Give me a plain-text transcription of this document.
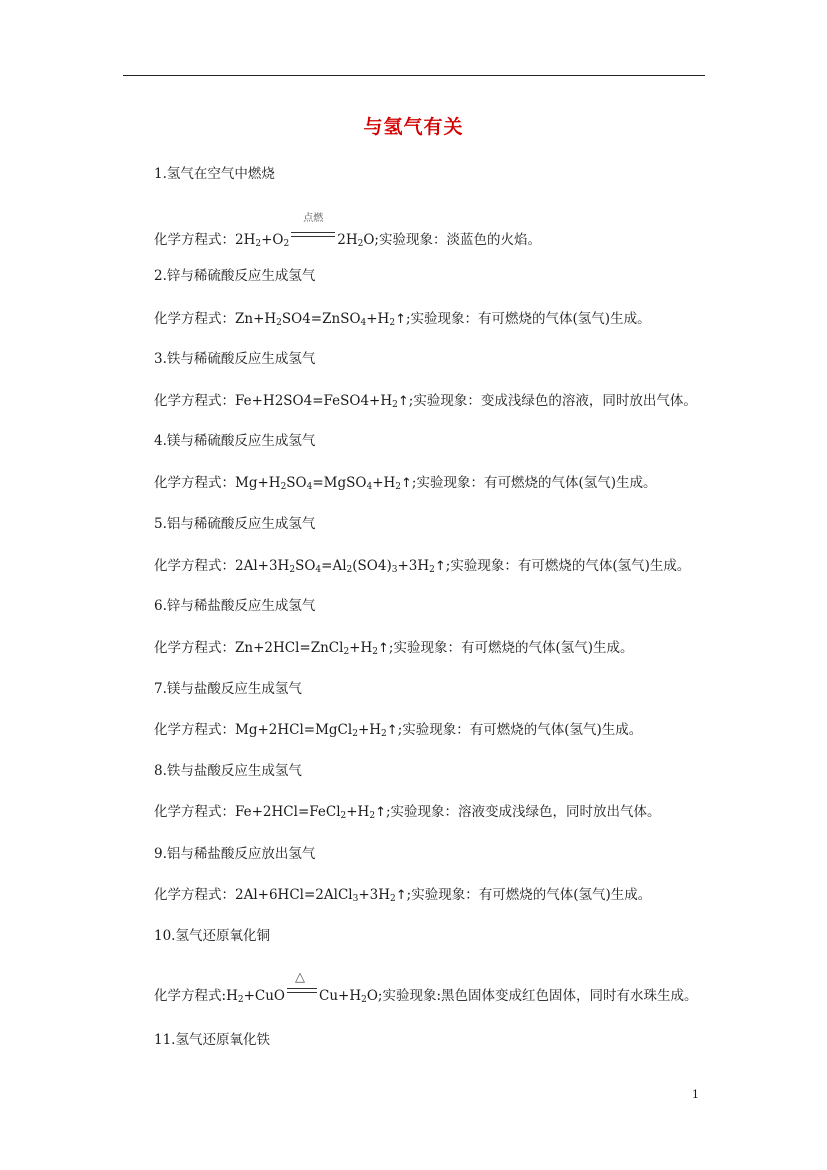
与氢气有关
1.氢气在空气中燃烧
化学方程式：$2H_2+O_2$
点燃
$2H_2O$;实验现象：淡蓝色的火焰。
2.锌与稀硫酸反应生成氢气
化学方程式：$Zn+H_2SO4=ZnSO_4+H_2↑$;实验现象：有可燃烧的气体(氢气)生成。
3.铁与稀硫酸反应生成氢气
化学方程式：$Fe+H2SO4=FeSO4+H_2↑$;实验现象：变成浅绿色的溶液，同时放出气体。
4.镁与稀硫酸反应生成氢气
化学方程式：$Mg+H_2SO_4=MgSO_4+H_2↑$;实验现象：有可燃烧的气体(氢气)生成。
5.铝与稀硫酸反应生成氢气
化学方程式：$2Al+3H_2SO_4=Al_2(SO4)_3+3H_2↑$;实验现象：有可燃烧的气体(氢气)生成。
6.锌与稀盐酸反应生成氢气
化学方程式：$Zn+2HCl=ZnCl_2+H_2↑$;实验现象：有可燃烧的气体(氢气)生成。
7.镁与盐酸反应生成氢气
化学方程式：$Mg+2HCl=MgCl_2+H_2↑$;实验现象：有可燃烧的气体(氢气)生成。
8.铁与盐酸反应生成氢气
化学方程式：$Fe+2HCl=FeCl_2+H_2↑$;实验现象：溶液变成浅绿色，同时放出气体。
9.铝与稀盐酸反应放出氢气
化学方程式：$2Al+6HCl=2AlCl_3+3H_2↑$;实验现象：有可燃烧的气体(氢气)生成。
10.氢气还原氧化铜
化学方程式$:H_2+CuO$
△
$Cu+H_2O$;实验现象:黑色固体变成红色固体，同时有水珠生成。
11.氢气还原氧化铁
1
